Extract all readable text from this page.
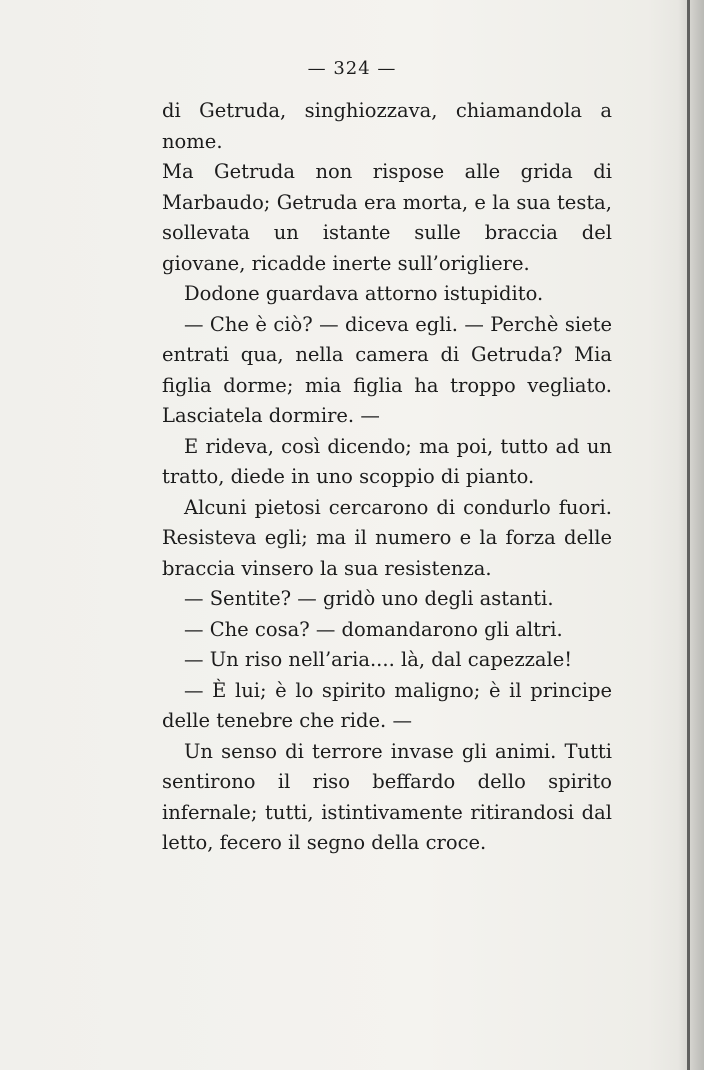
— 324 —

di Getruda, singhiozzava, chiamandola a nome.

Ma Getruda non rispose alle grida di Marbaudo; Getruda era morta, e la sua testa, sollevata un istante sulle braccia del giovane, ricadde inerte sull’origliere.

Dodone guardava attorno istupidito.

— Che è ciò? — diceva egli. — Perchè siete entrati qua, nella camera di Getruda? Mia figlia dorme; mia figlia ha troppo vegliato. Lasciatela dormire. —

E rideva, così dicendo; ma poi, tutto ad un tratto, diede in uno scoppio di pianto.

Alcuni pietosi cercarono di condurlo fuori. Resisteva egli; ma il numero e la forza delle braccia vinsero la sua resistenza.

— Sentite? — gridò uno degli astanti.

— Che cosa? — domandarono gli altri.

— Un riso nell’aria.... là, dal capezzale!

— È lui; è lo spirito maligno; è il principe delle tenebre che ride. —

Un senso di terrore invase gli animi. Tutti sentirono il riso beffardo dello spirito infernale; tutti, istintivamente ritirandosi dal letto, fecero il segno della croce.
